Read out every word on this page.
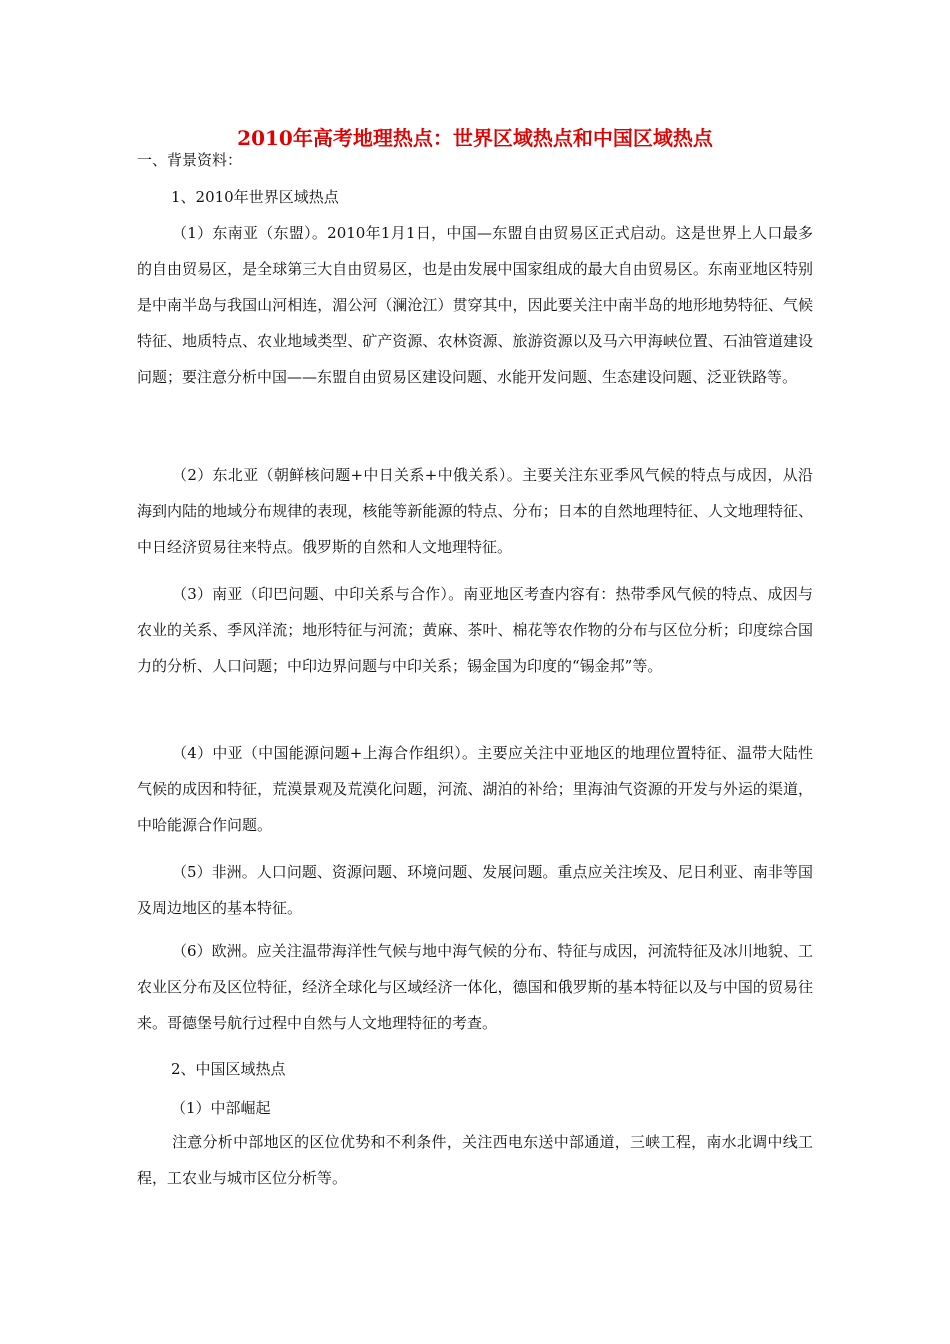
2010年高考地理热点：世界区域热点和中国区域热点
一、背景资料：
1、2010年世界区域热点
（1）东南亚（东盟）。2010年1月1日，中国—东盟自由贸易区正式启动。这是世界上人口最多的自由贸易区，是全球第三大自由贸易区，也是由发展中国家组成的最大自由贸易区。东南亚地区特别是中南半岛与我国山河相连，湄公河（澜沧江）贯穿其中，因此要关注中南半岛的地形地势特征、气候特征、地质特点、农业地域类型、矿产资源、农林资源、旅游资源以及马六甲海峡位置、石油管道建设问题；要注意分析中国——东盟自由贸易区建设问题、水能开发问题、生态建设问题、泛亚铁路等。
（2）东北亚（朝鲜核问题+中日关系+中俄关系）。主要关注东亚季风气候的特点与成因，从沿海到内陆的地域分布规律的表现，核能等新能源的特点、分布；日本的自然地理特征、人文地理特征、中日经济贸易往来特点。俄罗斯的自然和人文地理特征。
（3）南亚（印巴问题、中印关系与合作）。南亚地区考查内容有：热带季风气候的特点、成因与农业的关系、季风洋流；地形特征与河流；黄麻、茶叶、棉花等农作物的分布与区位分析；印度综合国力的分析、人口问题；中印边界问题与中印关系；锡金国为印度的“锡金邦”等。
（4）中亚（中国能源问题+上海合作组织）。主要应关注中亚地区的地理位置特征、温带大陆性气候的成因和特征，荒漠景观及荒漠化问题，河流、湖泊的补给；里海油气资源的开发与外运的渠道，中哈能源合作问题。
（5）非洲。人口问题、资源问题、环境问题、发展问题。重点应关注埃及、尼日利亚、南非等国及周边地区的基本特征。
（6）欧洲。应关注温带海洋性气候与地中海气候的分布、特征与成因，河流特征及冰川地貌、工农业区分布及区位特征，经济全球化与区域经济一体化，德国和俄罗斯的基本特征以及与中国的贸易往来。哥德堡号航行过程中自然与人文地理特征的考查。
2、中国区域热点
（1）中部崛起
注意分析中部地区的区位优势和不利条件，关注西电东送中部通道，三峡工程，南水北调中线工程，工农业与城市区位分析等。
